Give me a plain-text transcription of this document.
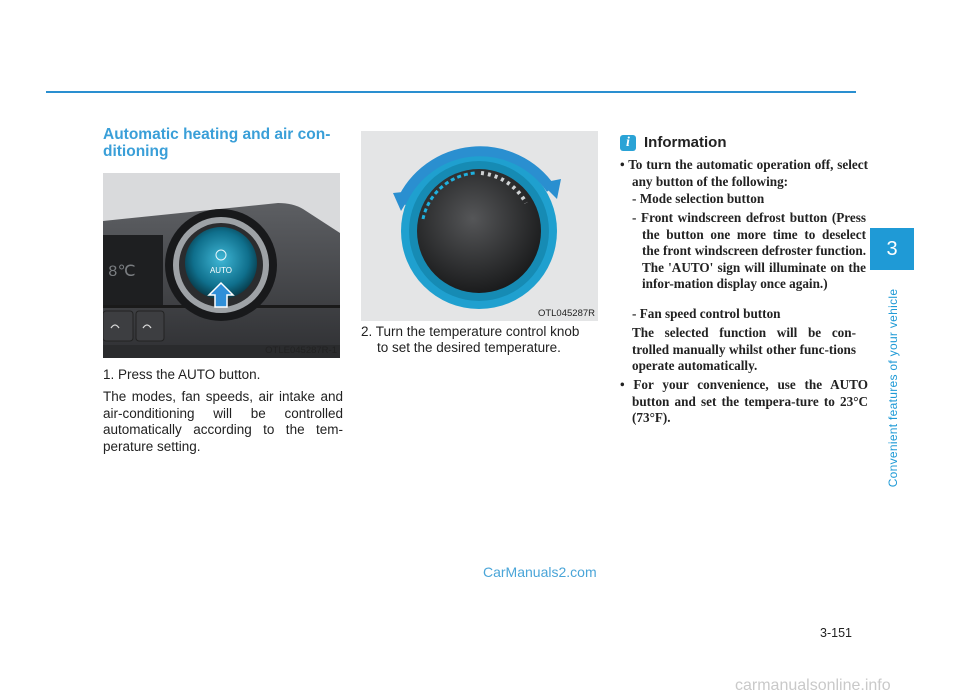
Automatic heating and air con-ditioning
8℃	AUTO
OTLE045287R-1

1. Press the AUTO button.

The modes, fan speeds, air intake and air-conditioning will be controlled automatically according to the tem-perature setting.

OTL045287R

2. Turn the temperature control knob

to set the desired temperature.

i Information

• To turn the automatic operation off, select any button of the following:

- Mode selection button

- Front windscreen defrost button (Press the button one more time to deselect the front windscreen defroster function. The 'AUTO' sign will illuminate on the infor-mation display once again.)

- Fan speed control button

The selected function will be con-trolled manually whilst other func-tions operate automatically.

• For your convenience, use the AUTO button and set the tempera-ture to 23°C (73°F).

3
Convenient features of your vehicle
3-151
CarManuals2.com
carmanualsonline.info
